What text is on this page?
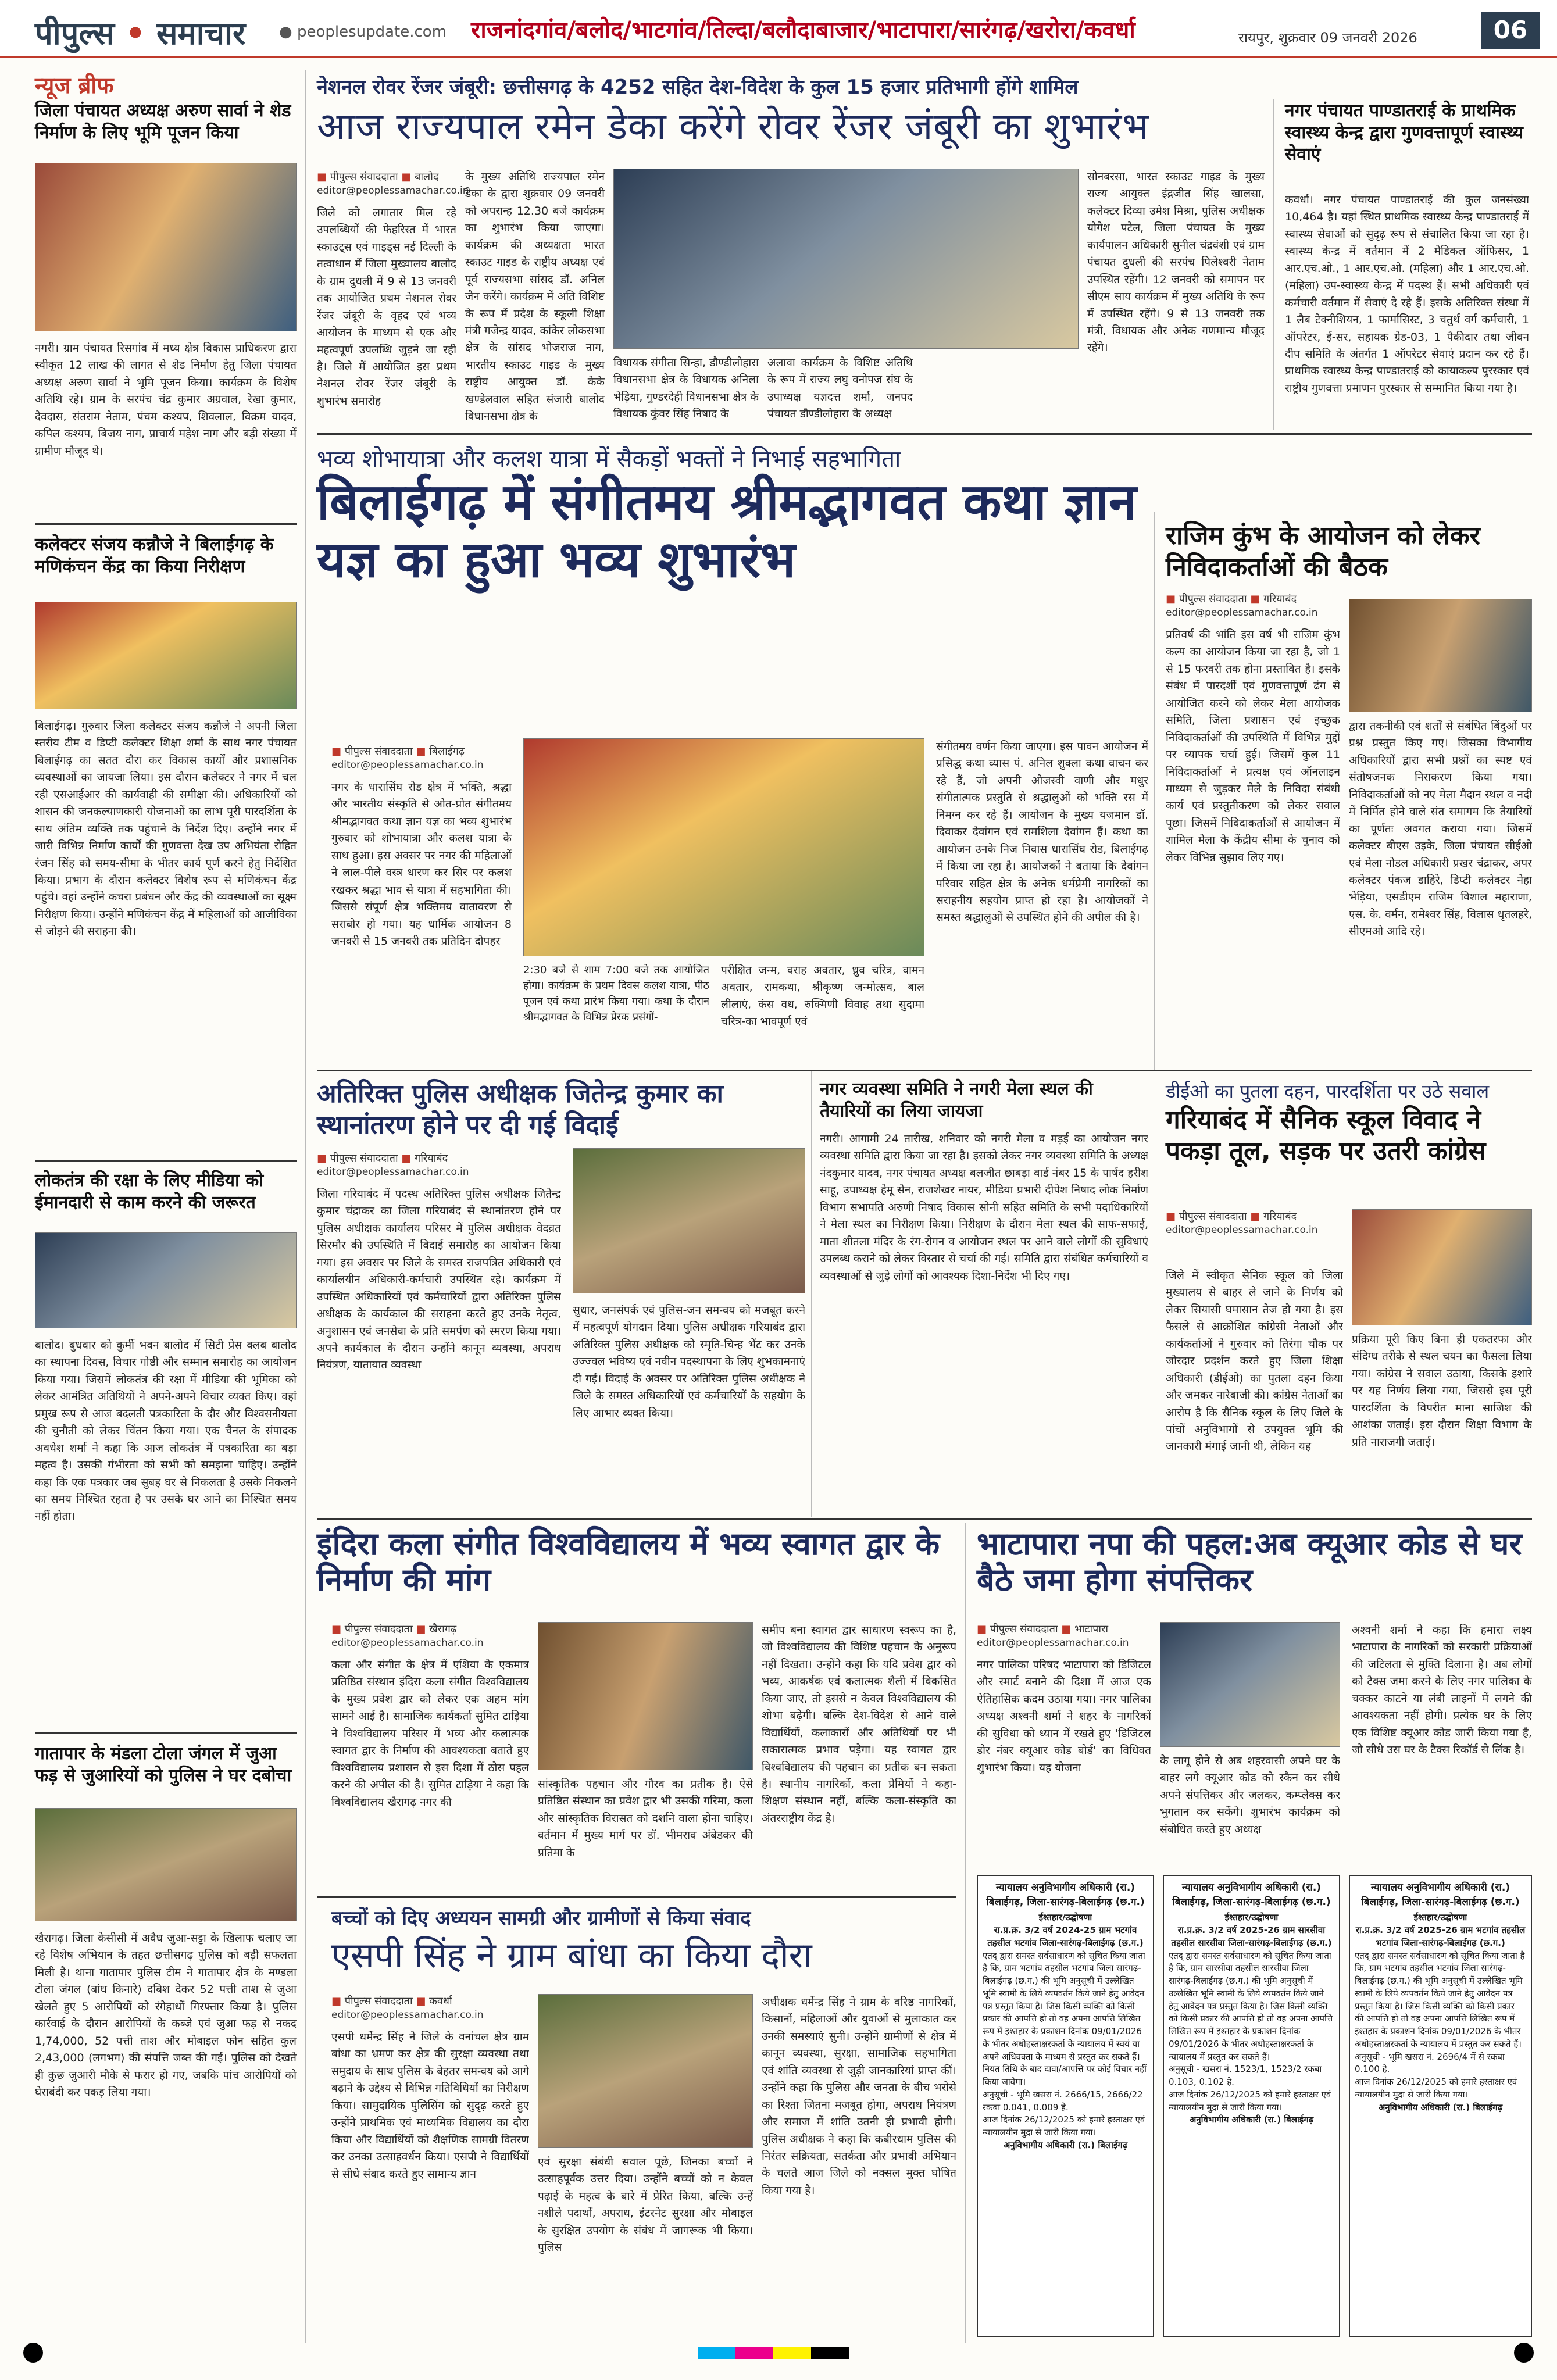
पीपुल्स • समाचार ● peoplesupdate.com राजनांदगांव/बलोद/भाटगांव/तिल्दा/बलौदाबाजार/भाटापारा/सारंगढ़/खरोरा/कवर्धा	रायपुर, शुक्रवार 09 जनवरी 2026	06
न्यूज ब्रीफ
जिला पंचायत अध्यक्ष अरुण सार्वा ने शेड निर्माण के लिए भूमि पूजन किया
नगरी। ग्राम पंचायत रिसगांव में मध्य क्षेत्र विकास प्राधिकरण द्वारा स्वीकृत 12 लाख की लागत से शेड निर्माण हेतु जिला पंचायत अध्यक्ष अरुण सार्वा ने भूमि पूजन किया। कार्यक्रम के विशेष अतिथि रहे। ग्राम के सरपंच चंद्र कुमार अग्रवाल, रेखा कुमार, देवदास, संतराम नेताम, पंचम कश्यप, शिवलाल, विक्रम यादव, कपिल कश्यप, बिजय नाग, प्राचार्य महेश नाग और बड़ी संख्या में ग्रामीण मौजूद थे।
कलेक्टर संजय कन्नौजे ने बिलाईगढ़ के मणिकंचन केंद्र का किया निरीक्षण
बिलाईगढ़। गुरुवार जिला कलेक्टर संजय कन्नौजे ने अपनी जिला स्तरीय टीम व डिप्टी कलेक्टर शिक्षा शर्मा के साथ नगर पंचायत बिलाईगढ़ का सतत दौरा कर विकास कार्यों और प्रशासनिक व्यवस्थाओं का जायजा लिया। इस दौरान कलेक्टर ने नगर में चल रही एसआईआर की कार्यवाही की समीक्षा की। अधिकारियों को शासन की जनकल्याणकारी योजनाओं का लाभ पूरी पारदर्शिता के साथ अंतिम व्यक्ति तक पहुंचाने के निर्देश दिए। उन्होंने नगर में जारी विभिन्न निर्माण कार्यों की गुणवत्ता देख उप अभियंता रोहित रंजन सिंह को समय-सीमा के भीतर कार्य पूर्ण करने हेतु निर्देशित किया। प्रभाग के दौरान कलेक्टर विशेष रूप से मणिकंचन केंद्र पहुंचे। वहां उन्होंने कचरा प्रबंधन और केंद्र की व्यवस्थाओं का सूक्ष्म निरीक्षण किया। उन्होंने मणिकंचन केंद्र में महिलाओं को आजीविका से जोड़ने की सराहना की।
लोकतंत्र की रक्षा के लिए मीडिया को ईमानदारी से काम करने की जरूरत
बालोद। बुधवार को कुर्मी भवन बालोद में सिटी प्रेस क्लब बालोद का स्थापना दिवस, विचार गोष्ठी और सम्मान समारोह का आयोजन किया गया। जिसमें लोकतंत्र की रक्षा में मीडिया की भूमिका को लेकर आमंत्रित अतिथियों ने अपने-अपने विचार व्यक्त किए। वहां प्रमुख रूप से आज बदलती पत्रकारिता के दौर और विश्वसनीयता की चुनौती को लेकर चिंतन किया गया। एक चैनल के संपादक अवधेश शर्मा ने कहा कि आज लोकतंत्र में पत्रकारिता का बड़ा महत्व है। उसकी गंभीरता को सभी को समझना चाहिए। उन्होंने कहा कि एक पत्रकार जब सुबह घर से निकलता है उसके निकलने का समय निश्चित रहता है पर उसके घर आने का निश्चित समय नहीं होता।
गातापार के मंडला टोला जंगल में जुआ फड़ से जुआरियों को पुलिस ने घर दबोचा
खैरागढ़। जिला केसीसी में अवैध जुआ-सट्टा के खिलाफ चलाए जा रहे विशेष अभियान के तहत छत्तीसगढ़ पुलिस को बड़ी सफलता मिली है। थाना गातापार पुलिस टीम ने गातापार क्षेत्र के मण्डला टोला जंगल (बांध किनारे) दबिश देकर 52 पत्ती ताश से जुआ खेलते हुए 5 आरोपियों को रंगेहाथों गिरफ्तार किया है। पुलिस कार्रवाई के दौरान आरोपियों के कब्जे एवं जुआ फड़ से नकद 1,74,000, 52 पत्ती ताश और मोबाइल फोन सहित कुल 2,43,000 (लगभग) की संपत्ति जब्त की गई। पुलिस को देखते ही कुछ जुआरी मौके से फरार हो गए, जबकि पांच आरोपियों को घेराबंदी कर पकड़ लिया गया।
नेशनल रोवर रेंजर जंबूरी: छत्तीसगढ़ के 4252 सहित देश-विदेश के कुल 15 हजार प्रतिभागी होंगे शामिल
आज राज्यपाल रमेन डेका करेंगे रोवर रेंजर जंबूरी का शुभारंभ
■ पीपुल्स संवाददाता ■ बालोद
editor@peoplessamachar.co.in
जिले को लगातार मिल रहे उपलब्धियों की फेहरिस्त में भारत स्काउट्स एवं गाइड्स नई दिल्ली के तत्वाधान में जिला मुख्यालय बालोद के ग्राम दुधली में 9 से 13 जनवरी तक आयोजित प्रथम नेशनल रोवर रेंजर जंबूरी के वृहद एवं भव्य आयोजन के माध्यम से एक और महत्वपूर्ण उपलब्धि जुड़ने जा रही है। जिले में आयोजित इस प्रथम नेशनल रोवर रेंजर जंबूरी के शुभारंभ समारोह
के मुख्य अतिथि राज्यपाल रमेन डेका के द्वारा शुक्रवार 09 जनवरी को अपरान्ह 12.30 बजे कार्यक्रम का शुभारंभ किया जाएगा। कार्यक्रम की अध्यक्षता भारत स्काउट गाइड के राष्ट्रीय अध्यक्ष एवं पूर्व राज्यसभा सांसद डॉ. अनिल जैन करेंगे। कार्यक्रम में अति विशिष्ट के रूप में प्रदेश के स्कूली शिक्षा मंत्री गजेन्द्र यादव, कांकेर लोकसभा क्षेत्र के सांसद भोजराज नाग, भारतीय स्काउट गाइड के मुख्य राष्ट्रीय आयुक्त डॉ. केके खण्डेलवाल सहित संजारी बालोद विधानसभा क्षेत्र के
विधायक संगीता सिन्हा, डौण्डीलोहारा विधानसभा क्षेत्र के विधायक अनिला भेड़िया, गुण्डरदेही विधानसभा क्षेत्र के विधायक कुंवर सिंह निषाद के
अलावा कार्यक्रम के विशिष्ट अतिथि के रूप में राज्य लघु वनोपज संघ के उपाध्यक्ष यज्ञदत्त शर्मा, जनपद पंचायत डौण्डीलोहारा के अध्यक्ष
सोनबरसा, भारत स्काउट गाइड के मुख्य राज्य आयुक्त इंद्रजीत सिंह खालसा, कलेक्टर दिव्या उमेश मिश्रा, पुलिस अधीक्षक योगेश पटेल, जिला पंचायत के मुख्य कार्यपालन अधिकारी सुनील चंद्रवंशी एवं ग्राम पंचायत दुधली की सरपंच पिलेश्वरी नेताम उपस्थित रहेंगी। 12 जनवरी को समापन पर सीएम साय कार्यक्रम में मुख्य अतिथि के रूप में उपस्थित रहेंगे। 9 से 13 जनवरी तक मंत्री, विधायक और अनेक गणमान्य मौजूद रहेंगे।
नगर पंचायत पाण्डातराई के प्राथमिक स्वास्थ्य केन्द्र द्वारा गुणवत्तापूर्ण स्वास्थ्य सेवाएं
कवर्धा। नगर पंचायत पाण्डातराई की कुल जनसंख्या 10,464 है। यहां स्थित प्राथमिक स्वास्थ्य केन्द्र पाण्डातराई में स्वास्थ्य सेवाओं को सुदृढ़ रूप से संचालित किया जा रहा है। स्वास्थ्य केन्द्र में वर्तमान में 2 मेडिकल ऑफिसर, 1 आर.एच.ओ., 1 आर.एच.ओ. (महिला) और 1 आर.एच.ओ. (महिला) उप-स्वास्थ्य केन्द्र में पदस्थ हैं। सभी अधिकारी एवं कर्मचारी वर्तमान में सेवाएं दे रहे हैं। इसके अतिरिक्त संस्था में 1 लैब टेक्नीशियन, 1 फार्मासिस्ट, 3 चतुर्थ वर्ग कर्मचारी, 1 ऑपरेटर, ई-सर, सहायक ग्रेड-03, 1 पैकीदार तथा जीवन दीप समिति के अंतर्गत 1 ऑपरेटर सेवाएं प्रदान कर रहे हैं। प्राथमिक स्वास्थ्य केन्द्र पाण्डातराई को कायाकल्प पुरस्कार एवं राष्ट्रीय गुणवत्ता प्रमाणन पुरस्कार से सम्मानित किया गया है।
भव्य शोभायात्रा और कलश यात्रा में सैकड़ों भक्तों ने निभाई सहभागिता
बिलाईगढ़ में संगीतमय श्रीमद्भागवत कथा ज्ञान यज्ञ का हुआ भव्य शुभारंभ
■ पीपुल्स संवाददाता ■ बिलाईगढ़
editor@peoplessamachar.co.in
नगर के धारासिंघ रोड क्षेत्र में भक्ति, श्रद्धा और भारतीय संस्कृति से ओत-प्रोत संगीतमय श्रीमद्भागवत कथा ज्ञान यज्ञ का भव्य शुभारंभ गुरुवार को शोभायात्रा और कलश यात्रा के साथ हुआ। इस अवसर पर नगर की महिलाओं ने लाल-पीले वस्त्र धारण कर सिर पर कलश रखकर श्रद्धा भाव से यात्रा में सहभागिता की। जिससे संपूर्ण क्षेत्र भक्तिमय वातावरण से सराबोर हो गया। यह धार्मिक आयोजन 8 जनवरी से 15 जनवरी तक प्रतिदिन दोपहर
2:30 बजे से शाम 7:00 बजे तक आयोजित होगा। कार्यक्रम के प्रथम दिवस कलश यात्रा, पीठ पूजन एवं कथा प्रारंभ किया गया। कथा के दौरान श्रीमद्भागवत के विभिन्न प्रेरक प्रसंगों-
परीक्षित जन्म, वराह अवतार, ध्रुव चरित्र, वामन अवतार, रामकथा, श्रीकृष्ण जन्मोत्सव, बाल लीलाएं, कंस वध, रुक्मिणी विवाह तथा सुदामा चरित्र-का भावपूर्ण एवं
संगीतमय वर्णन किया जाएगा। इस पावन आयोजन में प्रसिद्ध कथा व्यास पं. अनिल शुक्ला कथा वाचन कर रहे हैं, जो अपनी ओजस्वी वाणी और मधुर संगीतात्मक प्रस्तुति से श्रद्धालुओं को भक्ति रस में निमग्न कर रहे हैं। आयोजन के मुख्य यजमान डॉ. दिवाकर देवांगन एवं रामशिला देवांगन हैं। कथा का आयोजन उनके निज निवास धारासिंघ रोड, बिलाईगढ़ में किया जा रहा है। आयोजकों ने बताया कि देवांगन परिवार सहित क्षेत्र के अनेक धर्मप्रेमी नागरिकों का सराहनीय सहयोग प्राप्त हो रहा है। आयोजकों ने समस्त श्रद्धालुओं से उपस्थित होने की अपील की है।
राजिम कुंभ के आयोजन को लेकर निविदाकर्ताओं की बैठक
■ पीपुल्स संवाददाता ■ गरियाबंद
editor@peoplessamachar.co.in
प्रतिवर्ष की भांति इस वर्ष भी राजिम कुंभ कल्प का आयोजन किया जा रहा है, जो 1 से 15 फरवरी तक होना प्रस्तावित है। इसके संबंध में पारदर्शी एवं गुणवत्तापूर्ण ढंग से आयोजित करने को लेकर मेला आयोजक समिति, जिला प्रशासन एवं इच्छुक निविदाकर्ताओं की उपस्थिति में विभिन्न मुद्दों पर व्यापक चर्चा हुई। जिसमें कुल 11 निविदाकर्ताओं ने प्रत्यक्ष एवं ऑनलाइन माध्यम से जुड़कर मेले के निविदा संबंधी कार्य एवं प्रस्तुतीकरण को लेकर सवाल पूछा। जिसमें निविदाकर्ताओं से आयोजन में शामिल मेला के केंद्रीय सीमा के चुनाव को लेकर विभिन्न सुझाव लिए गए।
द्वारा तकनीकी एवं शर्तों से संबंधित बिंदुओं पर प्रश्न प्रस्तुत किए गए। जिसका विभागीय अधिकारियों द्वारा सभी प्रश्नों का स्पष्ट एवं संतोषजनक निराकरण किया गया। निविदाकर्ताओं को नए मेला मैदान स्थल व नदी में निर्मित होने वाले संत समागम कि तैयारियों का पूर्णतः अवगत कराया गया। जिसमें कलेक्टर बीएस उइके, जिला पंचायत सीईओ एवं मेला नोडल अधिकारी प्रखर चंद्राकर, अपर कलेक्टर पंकज डाहिरे, डिप्टी कलेक्टर नेहा भेड़िया, एसडीएम राजिम विशाल महाराणा, एस. के. वर्मन, रामेश्वर सिंह, विलास धृतलहरे, सीएमओ आदि रहे।
अतिरिक्त पुलिस अधीक्षक जितेन्द्र कुमार का स्थानांतरण होने पर दी गई विदाई
■ पीपुल्स संवाददाता ■ गरियाबंद
editor@peoplessamachar.co.in
जिला गरियाबंद में पदस्थ अतिरिक्त पुलिस अधीक्षक जितेन्द्र कुमार चंद्राकर का जिला गरियाबंद से स्थानांतरण होने पर पुलिस अधीक्षक कार्यालय परिसर में पुलिस अधीक्षक वेदव्रत सिरमौर की उपस्थिति में विदाई समारोह का आयोजन किया गया। इस अवसर पर जिले के समस्त राजपत्रित अधिकारी एवं कार्यालयीन अधिकारी-कर्मचारी उपस्थित रहे। कार्यक्रम में उपस्थित अधिकारियों एवं कर्मचारियों द्वारा अतिरिक्त पुलिस अधीक्षक के कार्यकाल की सराहना करते हुए उनके नेतृत्व, अनुशासन एवं जनसेवा के प्रति समर्पण को स्मरण किया गया। अपने कार्यकाल के दौरान उन्होंने कानून व्यवस्था, अपराध नियंत्रण, यातायात व्यवस्था
सुधार, जनसंपर्क एवं पुलिस-जन समन्वय को मजबूत करने में महत्वपूर्ण योगदान दिया। पुलिस अधीक्षक गरियाबंद द्वारा अतिरिक्त पुलिस अधीक्षक को स्मृति-चिन्ह भेंट कर उनके उज्ज्वल भविष्य एवं नवीन पदस्थापना के लिए शुभकामनाएं दी गईं। विदाई के अवसर पर अतिरिक्त पुलिस अधीक्षक ने जिले के समस्त अधिकारियों एवं कर्मचारियों के सहयोग के लिए आभार व्यक्त किया।
नगर व्यवस्था समिति ने नगरी मेला स्थल की तैयारियों का लिया जायजा
नगरी। आगामी 24 तारीख, शनिवार को नगरी मेला व मड़ई का आयोजन नगर व्यवस्था समिति द्वारा किया जा रहा है। इसको लेकर नगर व्यवस्था समिति के अध्यक्ष नंदकुमार यादव, नगर पंचायत अध्यक्ष बलजीत छाबड़ा वार्ड नंबर 15 के पार्षद हरीश साहू, उपाध्यक्ष हेमू सेन, राजशेखर नायर, मीडिया प्रभारी दीपेश निषाद लोक निर्माण विभाग सभापति अरुणी निषाद विकास सोनी सहित समिति के सभी पदाधिकारियों ने मेला स्थल का निरीक्षण किया। निरीक्षण के दौरान मेला स्थल की साफ-सफाई, माता शीतला मंदिर के रंग-रोगन व आयोजन स्थल पर आने वाले लोगों की सुविधाएं उपलब्ध कराने को लेकर विस्तार से चर्चा की गई। समिति द्वारा संबंधित कर्मचारियों व व्यवस्थाओं से जुड़े लोगों को आवश्यक दिशा-निर्देश भी दिए गए।
डीईओ का पुतला दहन, पारदर्शिता पर उठे सवाल
गरियाबंद में सैनिक स्कूल विवाद ने पकड़ा तूल, सड़क पर उतरी कांग्रेस
■ पीपुल्स संवाददाता ■ गरियाबंद
editor@peoplessamachar.co.in
जिले में स्वीकृत सैनिक स्कूल को जिला मुख्यालय से बाहर ले जाने के निर्णय को लेकर सियासी घमासान तेज हो गया है। इस फैसले से आक्रोशित कांग्रेसी नेताओं और कार्यकर्ताओं ने गुरुवार को तिरंगा चौक पर जोरदार प्रदर्शन करते हुए जिला शिक्षा अधिकारी (डीईओ) का पुतला दहन किया और जमकर नारेबाजी की। कांग्रेस नेताओं का आरोप है कि सैनिक स्कूल के लिए जिले के पांचों अनुविभागों से उपयुक्त भूमि की जानकारी मंगाई जानी थी, लेकिन यह
प्रक्रिया पूरी किए बिना ही एकतरफा और संदिग्ध तरीके से स्थल चयन का फैसला लिया गया। कांग्रेस ने सवाल उठाया, किसके इशारे पर यह निर्णय लिया गया, जिससे इस पूरी पारदर्शिता के विपरीत माना साजिश की आशंका जताई। इस दौरान शिक्षा विभाग के प्रति नाराजगी जताई।
इंदिरा कला संगीत विश्वविद्यालय में भव्य स्वागत द्वार के निर्माण की मांग
■ पीपुल्स संवाददाता ■ खैरागढ़
editor@peoplessamachar.co.in
कला और संगीत के क्षेत्र में एशिया के एकमात्र प्रतिष्ठित संस्थान इंदिरा कला संगीत विश्वविद्यालय के मुख्य प्रवेश द्वार को लेकर एक अहम मांग सामने आई है। सामाजिक कार्यकर्ता सुमित टाड़िया ने विश्वविद्यालय परिसर में भव्य और कलात्मक स्वागत द्वार के निर्माण की आवश्यकता बताते हुए विश्वविद्यालय प्रशासन से इस दिशा में ठोस पहल करने की अपील की है। सुमित टाड़िया ने कहा कि विश्वविद्यालय खैरागढ़ नगर की
सांस्कृतिक पहचान और गौरव का प्रतीक है। ऐसे प्रतिष्ठित संस्थान का प्रवेश द्वार भी उसकी गरिमा, कला और सांस्कृतिक विरासत को दर्शाने वाला होना चाहिए। वर्तमान में मुख्य मार्ग पर डॉ. भीमराव अंबेडकर की प्रतिमा के
समीप बना स्वागत द्वार साधारण स्वरूप का है, जो विश्वविद्यालय की विशिष्ट पहचान के अनुरूप नहीं दिखता। उन्होंने कहा कि यदि प्रवेश द्वार को भव्य, आकर्षक एवं कलात्मक शैली में विकसित किया जाए, तो इससे न केवल विश्वविद्यालय की शोभा बढ़ेगी। बल्कि देश-विदेश से आने वाले विद्यार्थियों, कलाकारों और अतिथियों पर भी सकारात्मक प्रभाव पड़ेगा। यह स्वागत द्वार विश्वविद्यालय की पहचान का प्रतीक बन सकता है। स्थानीय नागरिकों, कला प्रेमियों ने कहा-शिक्षण संस्थान नहीं, बल्कि कला-संस्कृति का अंतरराष्ट्रीय केंद्र है।
बच्चों को दिए अध्ययन सामग्री और ग्रामीणों से किया संवाद
एसपी सिंह ने ग्राम बांधा का किया दौरा
■ पीपुल्स संवाददाता ■ कवर्धा
editor@peoplessamachar.co.in
एसपी धर्मेन्द्र सिंह ने जिले के वनांचल क्षेत्र ग्राम बांधा का भ्रमण कर क्षेत्र की सुरक्षा व्यवस्था तथा समुदाय के साथ पुलिस के बेहतर समन्वय को आगे बढ़ाने के उद्देश्य से विभिन्न गतिविधियों का निरीक्षण किया। सामुदायिक पुलिसिंग को सुदृढ़ करते हुए उन्होंने प्राथमिक एवं माध्यमिक विद्यालय का दौरा किया और विद्यार्थियों को शैक्षणिक सामग्री वितरण कर उनका उत्साहवर्धन किया। एसपी ने विद्यार्थियों से सीधे संवाद करते हुए सामान्य ज्ञान
एवं सुरक्षा संबंधी सवाल पूछे, जिनका बच्चों ने उत्साहपूर्वक उत्तर दिया। उन्होंने बच्चों को न केवल पढ़ाई के महत्व के बारे में प्रेरित किया, बल्कि उन्हें नशीले पदार्थों, अपराध, इंटरनेट सुरक्षा और मोबाइल के सुरक्षित उपयोग के संबंध में जागरूक भी किया। पुलिस
अधीक्षक धर्मेन्द्र सिंह ने ग्राम के वरिष्ठ नागरिकों, किसानों, महिलाओं और युवाओं से मुलाकात कर उनकी समस्याएं सुनी। उन्होंने ग्रामीणों से क्षेत्र में कानून व्यवस्था, सुरक्षा, सामाजिक सहभागिता एवं शांति व्यवस्था से जुड़ी जानकारियां प्राप्त कीं। उन्होंने कहा कि पुलिस और जनता के बीच भरोसे का रिश्ता जितना मजबूत होगा, अपराध नियंत्रण और समाज में शांति उतनी ही प्रभावी होगी। पुलिस अधीक्षक ने कहा कि कबीरधाम पुलिस की निरंतर सक्रियता, सतर्कता और प्रभावी अभियान के चलते आज जिले को नक्सल मुक्त घोषित किया गया है।
भाटापारा नपा की पहल:अब क्यूआर कोड से घर बैठे जमा होगा संपत्तिकर
■ पीपुल्स संवाददाता ■ भाटापारा
editor@peoplessamachar.co.in
नगर पालिका परिषद भाटापारा को डिजिटल और स्मार्ट बनाने की दिशा में आज एक ऐतिहासिक कदम उठाया गया। नगर पालिका अध्यक्ष अश्वनी शर्मा ने शहर के नागरिकों की सुविधा को ध्यान में रखते हुए 'डिजिटल डोर नंबर क्यूआर कोड बोर्ड' का विधिवत शुभारंभ किया। यह योजना
के लागू होने से अब शहरवासी अपने घर के बाहर लगे क्यूआर कोड को स्कैन कर सीधे अपने संपत्तिकर और जलकर, कम्प्लेक्स कर भुगतान कर सकेंगे। शुभारंभ कार्यक्रम को संबोधित करते हुए अध्यक्ष
अश्वनी शर्मा ने कहा कि हमारा लक्ष्य भाटापारा के नागरिकों को सरकारी प्रक्रियाओं की जटिलता से मुक्ति दिलाना है। अब लोगों को टैक्स जमा करने के लिए नगर पालिका के चक्कर काटने या लंबी लाइनों में लगने की आवश्यकता नहीं होगी। प्रत्येक घर के लिए एक विशिष्ट क्यूआर कोड जारी किया गया है, जो सीधे उस घर के टैक्स रिकॉर्ड से लिंक है।
न्यायालय अनुविभागीय अधिकारी (रा.) बिलाईगढ़, जिला-सारंगढ़-बिलाईगढ़ (छ.ग.)
ईश्तहार/उद्घोषणा
रा.प्र.क्र. 3/2 वर्ष 2024-25 ग्राम भटगांव तहसील भटगांव जिला-सारंगढ़-बिलाईगढ़ (छ.ग.)

एतद् द्वारा समस्त सर्वसाधारण को सूचित किया जाता है कि, ग्राम भटगांव तहसील भटगांव जिला सारंगढ़-बिलाईगढ़ (छ.ग.) की भूमि अनुसूची में उल्लेखित भूमि स्वामी के लिये व्यपवर्तन किये जाने हेतु आवेदन पत्र प्रस्तुत किया है। जिस किसी व्यक्ति को किसी प्रकार की आपत्ति हो तो वह अपना आपत्ति लिखित रूप में इश्तहार के प्रकाशन दिनांक 09/01/2026 के भीतर अधोहस्ताक्षरकर्ता के न्यायालय में स्वयं या अपने अधिवक्ता के माध्यम से प्रस्तुत कर सकते हैं। नियत तिथि के बाद दावा/आपत्ति पर कोई विचार नहीं किया जावेगा।

अनुसूची - भूमि खसरा नं. 2666/15, 2666/22 रकबा 0.041, 0.009 हे.

आज दिनांक 26/12/2025 को हमारे हस्ताक्षर एवं न्यायालयीन मुद्रा से जारी किया गया।

अनुविभागीय अधिकारी (रा.) बिलाईगढ़

न्यायालय अनुविभागीय अधिकारी (रा.) बिलाईगढ़, जिला-सारंगढ़-बिलाईगढ़ (छ.ग.)
ईश्तहार/उद्घोषणा
रा.प्र.क्र. 3/2 वर्ष 2025-26 ग्राम सारसीवा तहसील सारसीवा जिला-सारंगढ़-बिलाईगढ़ (छ.ग.)

एतद् द्वारा समस्त सर्वसाधारण को सूचित किया जाता है कि, ग्राम सारसीवा तहसील सारसीवा जिला सारंगढ़-बिलाईगढ़ (छ.ग.) की भूमि अनुसूची में उल्लेखित भूमि स्वामी के लिये व्यपवर्तन किये जाने हेतु आवेदन पत्र प्रस्तुत किया है। जिस किसी व्यक्ति को किसी प्रकार की आपत्ति हो तो वह अपना आपत्ति लिखित रूप में इश्तहार के प्रकाशन दिनांक 09/01/2026 के भीतर अधोहस्ताक्षरकर्ता के न्यायालय में प्रस्तुत कर सकते हैं।

अनुसूची - खसरा नं. 1523/1, 1523/2 रकबा 0.103, 0.102 हे.

आज दिनांक 26/12/2025 को हमारे हस्ताक्षर एवं न्यायालयीन मुद्रा से जारी किया गया।

अनुविभागीय अधिकारी (रा.) बिलाईगढ़

न्यायालय अनुविभागीय अधिकारी (रा.) बिलाईगढ़, जिला-सारंगढ़-बिलाईगढ़ (छ.ग.)
ईश्तहार/उद्घोषणा
रा.प्र.क्र. 3/2 वर्ष 2025-26 ग्राम भटगांव तहसील भटगांव जिला-सारंगढ़-बिलाईगढ़ (छ.ग.)

एतद् द्वारा समस्त सर्वसाधारण को सूचित किया जाता है कि, ग्राम भटगांव तहसील भटगांव जिला सारंगढ़-बिलाईगढ़ (छ.ग.) की भूमि अनुसूची में उल्लेखित भूमि स्वामी के लिये व्यपवर्तन किये जाने हेतु आवेदन पत्र प्रस्तुत किया है। जिस किसी व्यक्ति को किसी प्रकार की आपत्ति हो तो वह अपना आपत्ति लिखित रूप में इश्तहार के प्रकाशन दिनांक 09/01/2026 के भीतर अधोहस्ताक्षरकर्ता के न्यायालय में प्रस्तुत कर सकते हैं।

अनुसूची - भूमि खसरा नं. 2696/4 में से रकबा 0.100 हे.

आज दिनांक 26/12/2025 को हमारे हस्ताक्षर एवं न्यायालयीन मुद्रा से जारी किया गया।

अनुविभागीय अधिकारी (रा.) बिलाईगढ़
